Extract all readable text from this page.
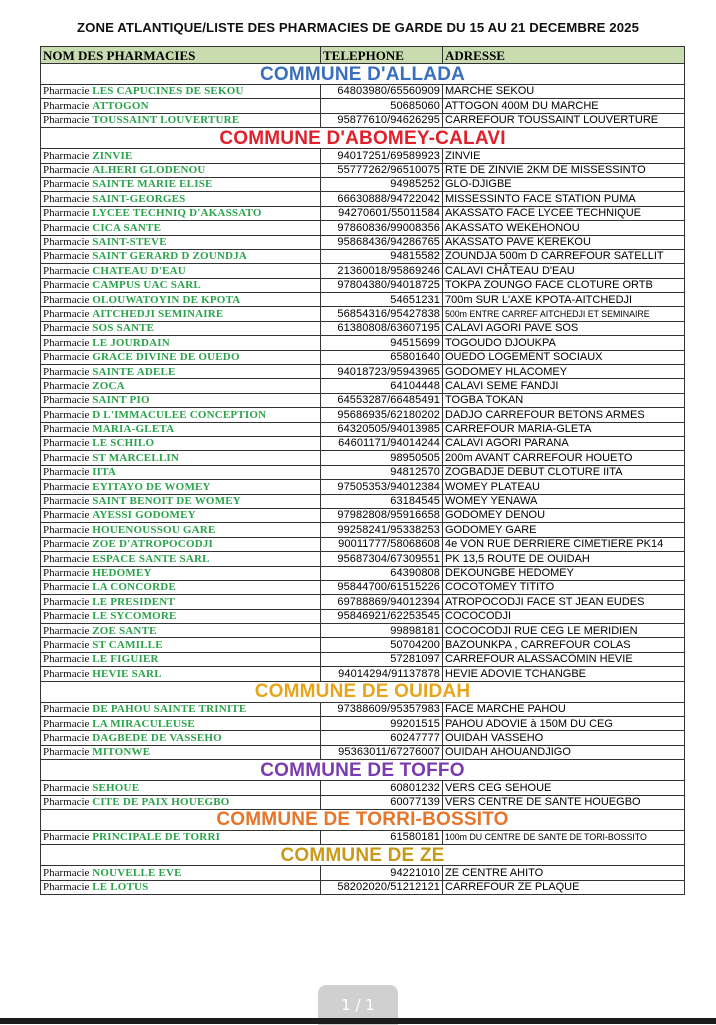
ZONE ATLANTIQUE/LISTE DES PHARMACIES DE GARDE DU 15 AU 21 DECEMBRE 2025
NOM DES PHARMACIES	TELEPHONE	ADRESSE
COMMUNE D'ALLADA		
Pharmacie LES CAPUCINES DE SEKOU	64803980/65560909	MARCHE SEKOU
Pharmacie ATTOGON	50685060	ATTOGON 400M DU MARCHE
Pharmacie TOUSSAINT LOUVERTURE	95877610/94626295	CARREFOUR TOUSSAINT LOUVERTURE
COMMUNE D'ABOMEY-CALAVI		
Pharmacie ZINVIE	94017251/69589923	ZINVIE
Pharmacie ALHERI GLODENOU	55777262/96510075	RTE DE ZINVIE 2KM DE MISSESSINTO
Pharmacie SAINTE MARIE ELISE	94985252	GLO-DJIGBE
Pharmacie SAINT-GEORGES	66630888/94722042	MISSESSINTO FACE STATION PUMA
Pharmacie LYCEE TECHNIQ D'AKASSATO	94270601/55011584	AKASSATO FACE LYCEE TECHNIQUE
Pharmacie CICA SANTE	97860836/99008356	AKASSATO WEKEHONOU
Pharmacie SAINT-STEVE	95868436/94286765	AKASSATO PAVE KEREKOU
Pharmacie SAINT GERARD D ZOUNDJA	94815582	ZOUNDJA 500m D CARREFOUR SATELLIT
Pharmacie CHATEAU D'EAU	21360018/95869246	CALAVI CHÂTEAU D'EAU
Pharmacie CAMPUS UAC SARL	97804380/94018725	TOKPA ZOUNGO FACE CLOTURE ORTB
Pharmacie OLOUWATOYIN DE KPOTA	54651231	700m SUR L'AXE KPOTA-AITCHEDJI
Pharmacie AITCHEDJI SEMINAIRE	56854316/95427838	500m ENTRE CARREF AITCHEDJI ET SEMINAIRE
Pharmacie SOS SANTE	61380808/63607195	CALAVI AGORI PAVE SOS
Pharmacie LE JOURDAIN	94515699	TOGOUDO DJOUKPA
Pharmacie GRACE DIVINE DE OUEDO	65801640	OUEDO LOGEMENT SOCIAUX
Pharmacie SAINTE ADELE	94018723/95943965	GODOMEY HLACOMEY
Pharmacie ZOCA	64104448	CALAVI SEME FANDJI
Pharmacie SAINT PIO	64553287/66485491	TOGBA TOKAN
Pharmacie D L'IMMACULEE CONCEPTION	95686935/62180202	DADJO CARREFOUR BETONS ARMES
Pharmacie MARIA-GLETA	64320505/94013985	CARREFOUR MARIA-GLETA
Pharmacie LE SCHILO	64601171/94014244	CALAVI AGORI PARANA
Pharmacie ST MARCELLIN	98950505	200m AVANT CARREFOUR HOUETO
Pharmacie IITA	94812570	ZOGBADJE DEBUT CLOTURE IITA
Pharmacie EYITAYO DE WOMEY	97505353/94012384	WOMEY PLATEAU
Pharmacie SAINT BENOIT DE WOMEY	63184545	WOMEY YENAWA
Pharmacie AYESSI GODOMEY	97982808/95916658	GODOMEY DENOU
Pharmacie HOUENOUSSOU GARE	99258241/95338253	GODOMEY GARE
Pharmacie ZOE D'ATROPOCODJI	90011777/58068608	4e VON RUE DERRIERE CIMETIERE PK14
Pharmacie ESPACE SANTE SARL	95687304/67309551	PK 13,5 ROUTE DE OUIDAH
Pharmacie HEDOMEY	64390808	DEKOUNGBE HEDOMEY
Pharmacie LA CONCORDE	95844700/61515226	COCOTOMEY TITITO
Pharmacie LE PRESIDENT	69788869/94012394	ATROPOCODJI FACE ST JEAN EUDES
Pharmacie LE SYCOMORE	95846921/62253545	COCOCODJI
Pharmacie ZOE SANTE	99898181	COCOCODJI RUE CEG LE MERIDIEN
Pharmacie ST CAMILLE	50704200	BAZOUNKPA , CARREFOUR COLAS
Pharmacie LE FIGUIER	57281097	CARREFOUR ALASSACÔMIN HEVIE
Pharmacie HEVIE SARL	94014294/91137878	HEVIE ADOVIE TCHANGBE
COMMUNE DE OUIDAH		
Pharmacie DE PAHOU SAINTE TRINITE	97388609/95357983	FACE MARCHE PAHOU
Pharmacie LA MIRACULEUSE	99201515	PAHOU ADOVIE à 150M DU CEG
Pharmacie DAGBEDE DE VASSEHO	60247777	OUIDAH VASSEHO
Pharmacie MITONWE	95363011/67276007	OUIDAH AHOUANDJIGO
COMMUNE DE TOFFO		
Pharmacie SEHOUE	60801232	VERS CEG SEHOUE
Pharmacie CITE DE PAIX HOUEGBO	60077139	VERS CENTRE DE SANTE HOUEGBO
COMMUNE DE TORRI-BOSSITO		
Pharmacie PRINCIPALE DE TORRI	61580181	100m DU CENTRE DE SANTE DE TORI-BOSSITO
COMMUNE DE ZE		
Pharmacie NOUVELLE EVE	94221010	ZE CENTRE AHITO
Pharmacie LE LOTUS	58202020/51212121	CARREFOUR ZE PLAQUE
1 / 1
